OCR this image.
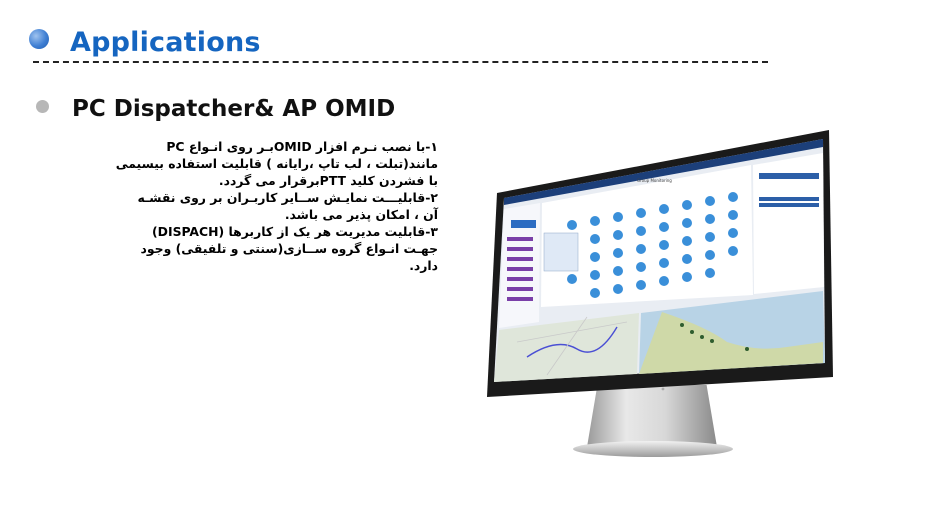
Applications
PC Dispatcher& AP OMID
۱-با نصب نـرم افزار OMIDبـر روی انـواع PC
مانند(تبلت ، لب تاپ ،رایانه ) قابلیت استفاده بیسیمی
با فشردن کلید PTTبرقرار می گردد.
۲-قابلیـــت نمایـش ســایر کاربـران بر روی نقشـه
آن ، امکان پذیر می باشد.
۳-قابلیت مدیریت هر یک از کاربرها (DISPACH)
جهـت انـواع گروه ســازی(سنتی و تلفیقی) وجود
دارد.
Group Monitoring
